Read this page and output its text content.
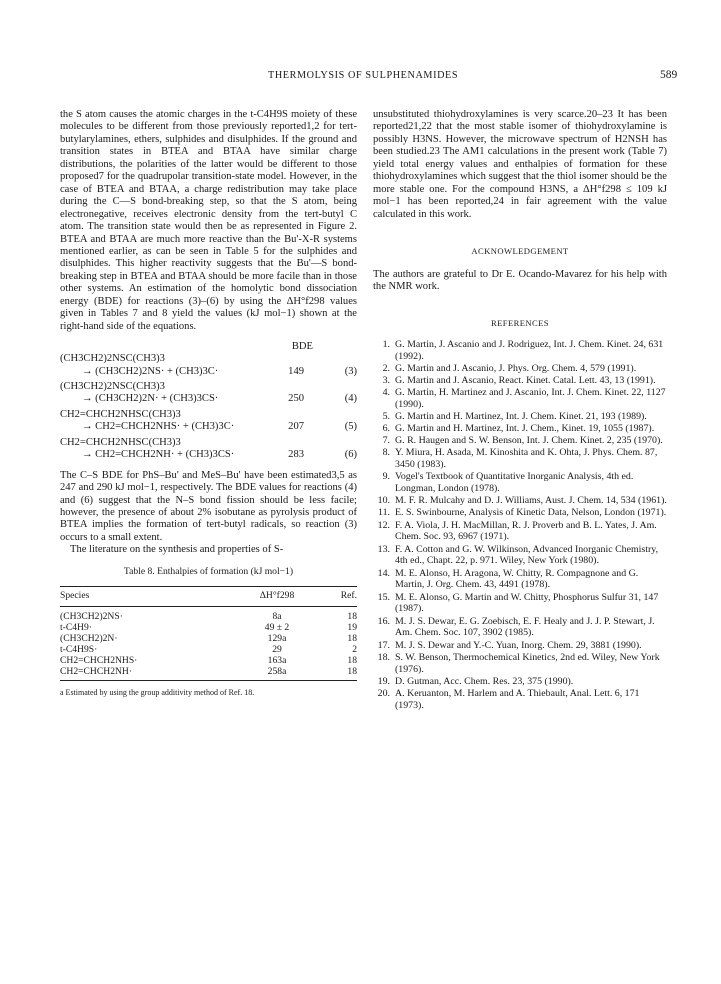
THERMOLYSIS OF SULPHENAMIDES	589

the S atom causes the atomic charges in the t-C4H9S moiety of these molecules to be different from those previously reported1,2 for tert-butylarylamines, ethers, sulphides and disulphides. If the ground and transition states in BTEA and BTAA have similar charge distributions, the polarities of the latter would be different to those proposed7 for the quadrupolar transition-state model. However, in the case of BTEA and BTAA, a charge redistribution may take place during the C—S bond-breaking step, so that the S atom, being electronegative, receives electronic density from the tert-butyl C atom. The transition state would then be as represented in Figure 2. BTEA and BTAA are much more reactive than the Bu'-X-R systems mentioned earlier, as can be seen in Table 5 for the sulphides and disulphides. This higher reactivity suggests that the Bu'—S bond-breaking step in BTEA and BTAA should be more facile than in those other systems. An estimation of the homolytic bond dissociation energy (BDE) for reactions (3)–(6) by using the ΔH°f298 values given in Tables 7 and 8 yield the values (kJ mol−1) shown at the right-hand side of the equations.

BDE
(CH3CH2)2NSC(CH3)3
→ (CH3CH2)2NS· + (CH3)3C·	149	(3)
(CH3CH2)2NSC(CH3)3
→ (CH3CH2)2N· + (CH3)3CS·	250	(4)
CH2=CHCH2NHSC(CH3)3
→ CH2=CHCH2NHS· + (CH3)3C·	207	(5)
CH2=CHCH2NHSC(CH3)3
→ CH2=CHCH2NH· + (CH3)3CS·	283	(6)

The C–S BDE for PhS–Bu' and MeS–Bu' have been estimated3,5 as 247 and 290 kJ mol−1, respectively. The BDE values for reactions (4) and (6) suggest that the N–S bond fission should be less facile; however, the presence of about 2% isobutane as pyrolysis product of BTEA implies the formation of tert-butyl radicals, so reaction (3) occurs to a small extent.

The literature on the synthesis and properties of S-

Table 8. Enthalpies of formation (kJ mol−1)
Species	ΔH°f298	Ref.
(CH3CH2)2NS·	8a	18
t-C4H9·	49 ± 2	19
(CH3CH2)2N·	129a	18
t-C4H9S·	29	2
CH2=CHCH2NHS·	163a	18
CH2=CHCH2NH·	258a	18
a Estimated by using the group additivity method of Ref. 18.

unsubstituted thiohydroxylamines is very scarce.20–23 It has been reported21,22 that the most stable isomer of thiohydroxylamine is possibly H3NS. However, the microwave spectrum of H2NSH has been studied.23 The AM1 calculations in the present work (Table 7) yield total energy values and enthalpies of formation for these thiohydroxylamines which suggest that the thiol isomer should be the more stable one. For the compound H3NS, a ΔH°f298 ≤ 109 kJ mol−1 has been reported,24 in fair agreement with the value calculated in this work.

ACKNOWLEDGEMENT

The authors are grateful to Dr E. Ocando-Mavarez for his help with the NMR work.

REFERENCES
1. G. Martin, J. Ascanio and J. Rodriguez, Int. J. Chem. Kinet. 24, 631 (1992).
2. G. Martin and J. Ascanio, J. Phys. Org. Chem. 4, 579 (1991).
3. G. Martin and J. Ascanio, React. Kinet. Catal. Lett. 43, 13 (1991).
4. G. Martin, H. Martinez and J. Ascanio, Int. J. Chem. Kinet. 22, 1127 (1990).
5. G. Martin and H. Martinez, Int. J. Chem. Kinet. 21, 193 (1989).
6. G. Martin and H. Martinez, Int. J. Chem., Kinet. 19, 1055 (1987).
7. G. R. Haugen and S. W. Benson, Int. J. Chem. Kinet. 2, 235 (1970).
8. Y. Miura, H. Asada, M. Kinoshita and K. Ohta, J. Phys. Chem. 87, 3450 (1983).
9. Vogel's Textbook of Quantitative Inorganic Analysis, 4th ed. Longman, London (1978).
10. M. F. R. Mulcahy and D. J. Williams, Aust. J. Chem. 14, 534 (1961).
11. E. S. Swinbourne, Analysis of Kinetic Data, Nelson, London (1971).
12. F. A. Viola, J. H. MacMillan, R. J. Proverb and B. L. Yates, J. Am. Chem. Soc. 93, 6967 (1971).
13. F. A. Cotton and G. W. Wilkinson, Advanced Inorganic Chemistry, 4th ed., Chapt. 22, p. 971. Wiley, New York (1980).
14. M. E. Alonso, H. Aragona, W. Chitty, R. Compagnone and G. Martin, J. Org. Chem. 43, 4491 (1978).
15. M. E. Alonso, G. Martin and W. Chitty, Phosphorus Sulfur 31, 147 (1987).
16. M. J. S. Dewar, E. G. Zoebisch, E. F. Healy and J. J. P. Stewart, J. Am. Chem. Soc. 107, 3902 (1985).
17. M. J. S. Dewar and Y.-C. Yuan, Inorg. Chem. 29, 3881 (1990).
18. S. W. Benson, Thermochemical Kinetics, 2nd ed. Wiley, New York (1976).
19. D. Gutman, Acc. Chem. Res. 23, 375 (1990).
20. A. Keruanton, M. Harlem and A. Thiebault, Anal. Lett. 6, 171 (1973).
